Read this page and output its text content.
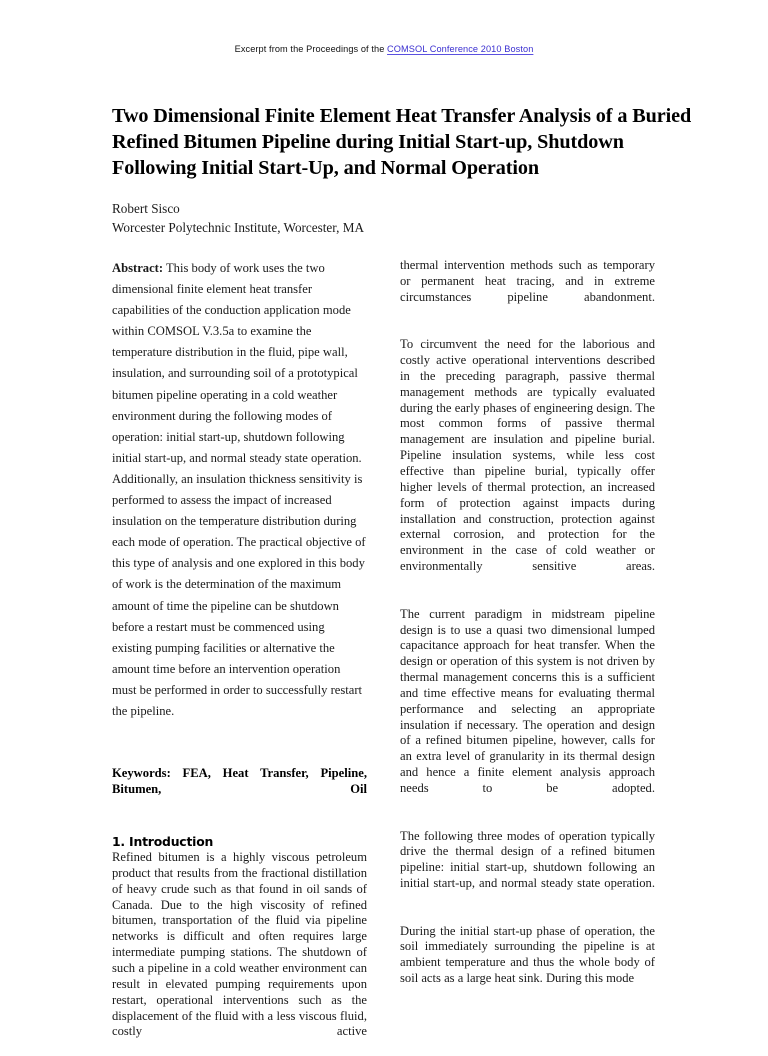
Excerpt from the Proceedings of the COMSOL Conference 2010 Boston
Two Dimensional Finite Element Heat Transfer Analysis of a Buried Refined Bitumen Pipeline during Initial Start-up, Shutdown Following Initial Start-Up, and Normal Operation
Robert Sisco
Worcester Polytechnic Institute, Worcester, MA

Abstract: This body of work uses the two dimensional finite element heat transfer capabilities of the conduction application mode within COMSOL V.3.5a to examine the temperature distribution in the fluid, pipe wall, insulation, and surrounding soil of a prototypical bitumen pipeline operating in a cold weather environment during the following modes of operation: initial start-up, shutdown following initial start-up, and normal steady state operation. Additionally, an insulation thickness sensitivity is performed to assess the impact of increased insulation on the temperature distribution during each mode of operation. The practical objective of this type of analysis and one explored in this body of work is the determination of the maximum amount of time the pipeline can be shutdown before a restart must be commenced using existing pumping facilities or alternative the amount time before an intervention operation must be performed in order to successfully restart the pipeline.

Keywords: FEA, Heat Transfer, Pipeline, Bitumen, Oil

1. Introduction

Refined bitumen is a highly viscous petroleum product that results from the fractional distillation of heavy crude such as that found in oil sands of Canada. Due to the high viscosity of refined bitumen, transportation of the fluid via pipeline networks is difficult and often requires large intermediate pumping stations. The shutdown of such a pipeline in a cold weather environment can result in elevated pumping requirements upon restart, operational interventions such as the displacement of the fluid with a less viscous fluid, costly active

thermal intervention methods such as temporary or permanent heat tracing, and in extreme circumstances pipeline abandonment.

To circumvent the need for the laborious and costly active operational interventions described in the preceding paragraph, passive thermal management methods are typically evaluated during the early phases of engineering design. The most common forms of passive thermal management are insulation and pipeline burial. Pipeline insulation systems, while less cost effective than pipeline burial, typically offer higher levels of thermal protection, an increased form of protection against impacts during installation and construction, protection against external corrosion, and protection for the environment in the case of cold weather or environmentally sensitive areas.

The current paradigm in midstream pipeline design is to use a quasi two dimensional lumped capacitance approach for heat transfer. When the design or operation of this system is not driven by thermal management concerns this is a sufficient and time effective means for evaluating thermal performance and selecting an appropriate insulation if necessary. The operation and design of a refined bitumen pipeline, however, calls for an extra level of granularity in its thermal design and hence a finite element analysis approach needs to be adopted.

The following three modes of operation typically drive the thermal design of a refined bitumen pipeline: initial start-up, shutdown following an initial start-up, and normal steady state operation.

During the initial start-up phase of operation, the soil immediately surrounding the pipeline is at ambient temperature and thus the whole body of soil acts as a large heat sink. During this mode
